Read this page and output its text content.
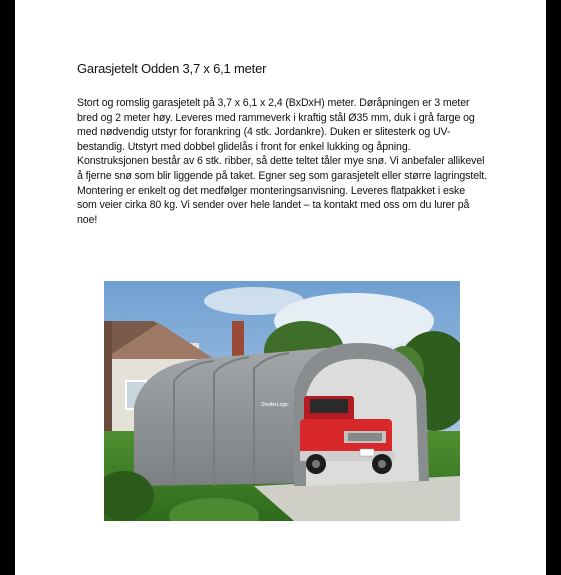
Garasjetelt Odden 3,7 x 6,1 meter
Stort og romslig garasjetelt på 3,7 x 6,1 x 2,4 (BxDxH) meter. Døråpningen er 3 meter
bred og 2 meter høy. Leveres med rammeverk i kraftig stål Ø35 mm, duk i grå farge og
med nødvendig utstyr for forankring (4 stk. Jordankre). Duken er slitesterk og UV-
bestandig. Utstyrt med dobbel glidelås i front for enkel lukking og åpning.
Konstruksjonen består av 6 stk. ribber, så dette teltet tåler mye snø. Vi anbefaler allikevel
å fjerne snø som blir liggende på taket. Egner seg som garasjetelt eller større lagringstelt.
Montering er enkelt og det medfølger monteringsanvisning. Leveres flatpakket i eske
som veier cirka 80 kg. Vi sender over hele landet – ta kontakt med oss om du lurer på
noe!
ShelterLogic
